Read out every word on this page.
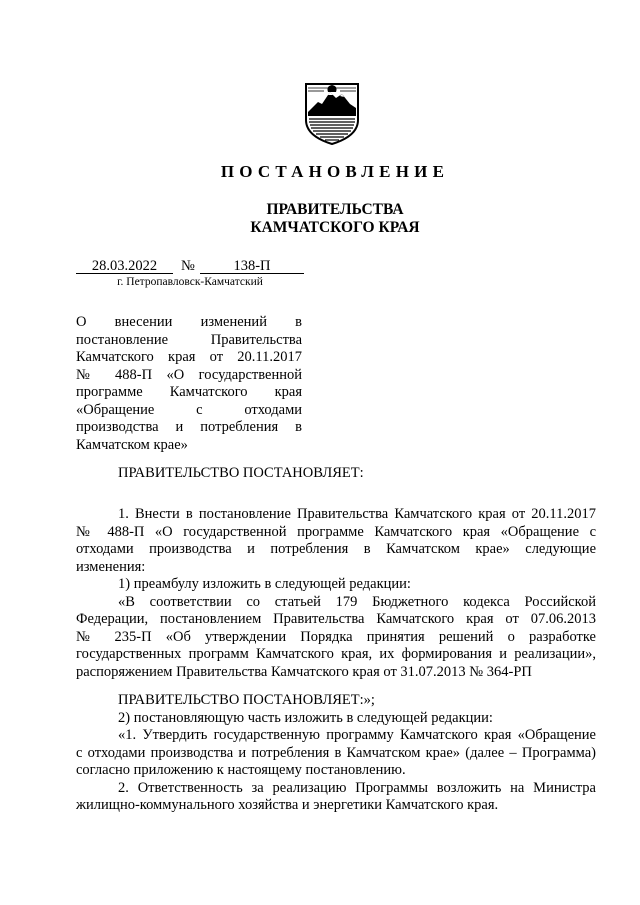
ПОСТАНОВЛЕНИЕ
ПРАВИТЕЛЬСТВА
КАМЧАТСКОГО КРАЯ
28.03.2022	№	138-П
г. Петропавловск-Камчатский
О внесении изменений в
постановление Правительства
Камчатского края от 20.11.2017
№ 488-П «О государственной
программе Камчатского края
«Обращение с отходами
производства и потребления в
Камчатском крае»
ПРАВИТЕЛЬСТВО ПОСТАНОВЛЯЕТ:
1. Внести в постановление Правительства Камчатского края от 20.11.2017
№ 488-П «О государственной программе Камчатского края «Обращение с
отходами производства и потребления в Камчатском крае» следующие
изменения:
1) преамбулу изложить в следующей редакции:
«В соответствии со статьей 179 Бюджетного кодекса Российской
Федерации, постановлением Правительства Камчатского края от 07.06.2013
№ 235-П «Об утверждении Порядка принятия решений о разработке
государственных программ Камчатского края, их формирования и реализации»,
распоряжением Правительства Камчатского края от 31.07.2013 № 364-РП
ПРАВИТЕЛЬСТВО ПОСТАНОВЛЯЕТ:»;
2) постановляющую часть изложить в следующей редакции:
«1. Утвердить государственную программу Камчатского края «Обращение
с отходами производства и потребления в Камчатском крае» (далее – Программа)
согласно приложению к настоящему постановлению.
2. Ответственность за реализацию Программы возложить на Министра
жилищно-коммунального хозяйства и энергетики Камчатского края.
